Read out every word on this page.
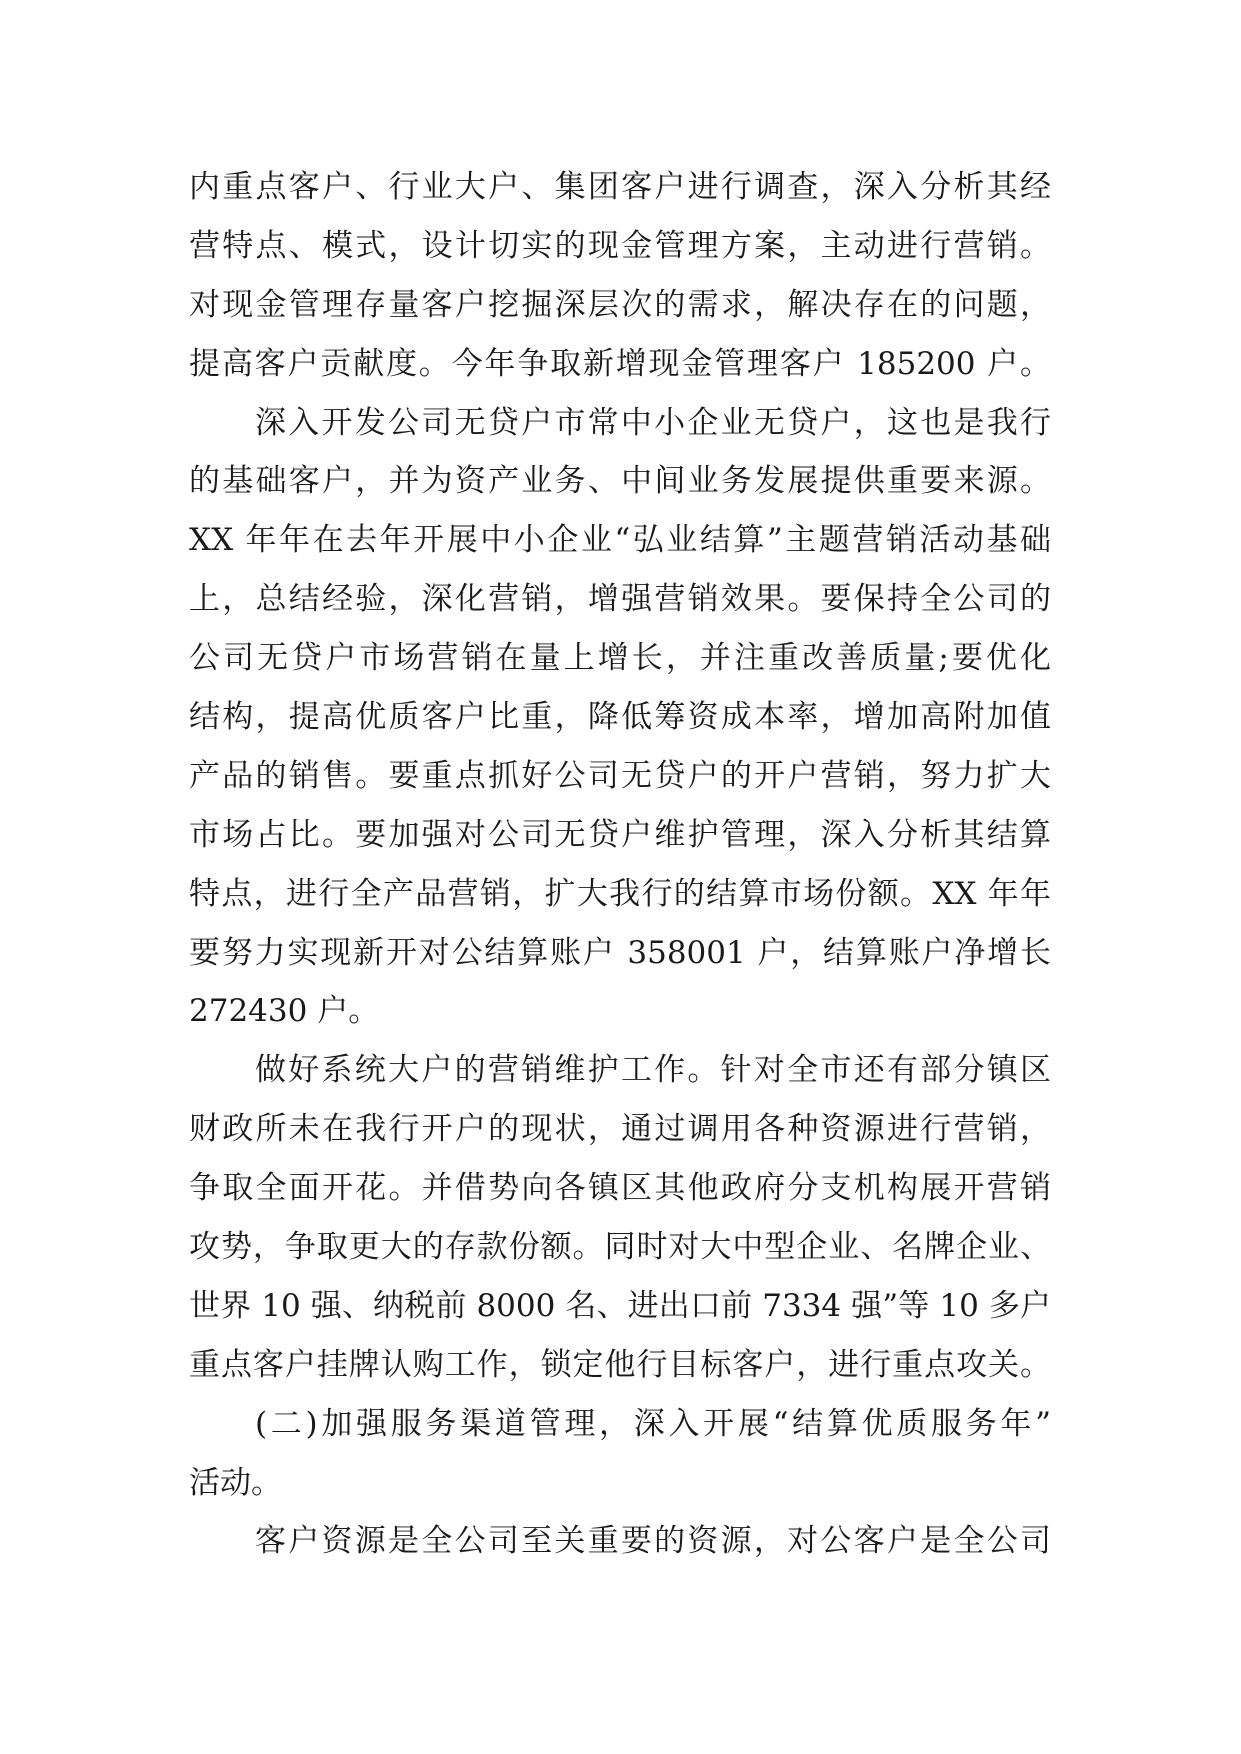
内重点客户、行业大户、集团客户进行调查，深入分析其经
营特点、模式，设计切实的现金管理方案，主动进行营销。
对现金管理存量客户挖掘深层次的需求，解决存在的问题，
提高客户贡献度。今年争取新增现金管理客户 185200 户。
深入开发公司无贷户市常中小企业无贷户，这也是我行
的基础客户，并为资产业务、中间业务发展提供重要来源。
XX 年年在去年开展中小企业“弘业结算”主题营销活动基础
上，总结经验，深化营销，增强营销效果。要保持全公司的
公司无贷户市场营销在量上增长，并注重改善质量;要优化
结构，提高优质客户比重，降低筹资成本率，增加高附加值
产品的销售。要重点抓好公司无贷户的开户营销，努力扩大
市场占比。要加强对公司无贷户维护管理，深入分析其结算
特点，进行全产品营销，扩大我行的结算市场份额。XX 年年
要努力实现新开对公结算账户 358001 户，结算账户净增长
272430 户。
做好系统大户的营销维护工作。针对全市还有部分镇区
财政所未在我行开户的现状，通过调用各种资源进行营销，
争取全面开花。并借势向各镇区其他政府分支机构展开营销
攻势，争取更大的存款份额。同时对大中型企业、名牌企业、
世界 10 强、纳税前 8000 名、进出口前 7334 强”等 10 多户
重点客户挂牌认购工作，锁定他行目标客户，进行重点攻关。
(二)加强服务渠道管理，深入开展“结算优质服务年”
活动。
客户资源是全公司至关重要的资源，对公客户是全公司
